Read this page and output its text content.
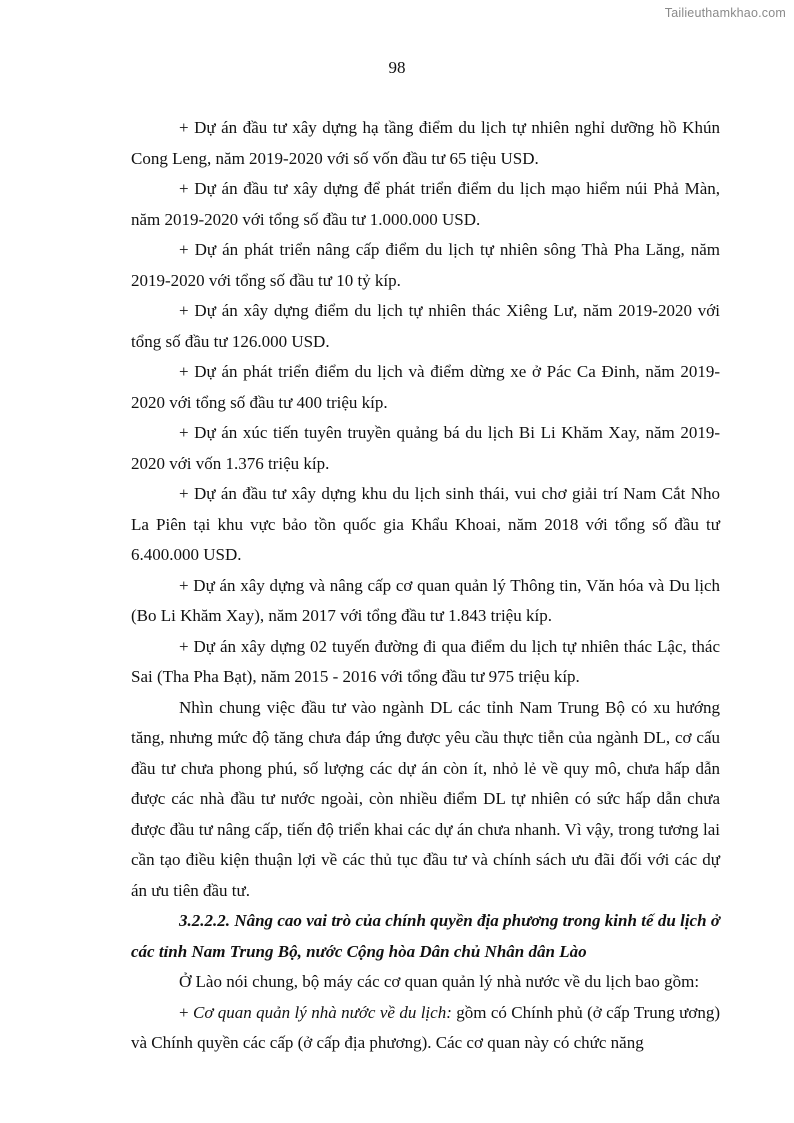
Tailieuthamkhao.com
98

+ Dự án đầu tư xây dựng hạ tầng điểm du lịch tự nhiên nghỉ dưỡng hồ Khún Cong Leng, năm 2019-2020 với số vốn đầu tư 65 tiệu USD.

+ Dự án đầu tư xây dựng để phát triển điểm du lịch mạo hiểm núi Phả Màn, năm 2019-2020 với tổng số đầu tư 1.000.000 USD.

+ Dự án phát triển nâng cấp điểm du lịch tự nhiên sông Thà Pha Lăng, năm 2019-2020 với tổng số đầu tư 10 tỷ kíp.

+ Dự án xây dựng điểm du lịch tự nhiên thác Xiêng Lư, năm 2019-2020 với tổng số đầu tư 126.000 USD.

+ Dự án phát triển điểm du lịch và điểm dừng xe ở Pác Ca Đinh, năm 2019-2020 với tổng số đầu tư 400 triệu kíp.

+ Dự án xúc tiến tuyên truyền quảng bá du lịch Bi Li Khăm Xay, năm 2019-2020 với vốn 1.376 triệu kíp.

+ Dự án đầu tư xây dựng khu du lịch sinh thái, vui chơ giải trí Nam Cắt Nho La Piên tại khu vực bảo tồn quốc gia Khẩu Khoai, năm 2018 với tổng số đầu tư 6.400.000 USD.

+ Dự án xây dựng và nâng cấp cơ quan quản lý Thông tin, Văn hóa và Du lịch (Bo Li Khăm Xay), năm 2017 với tổng đầu tư 1.843 triệu kíp.

+ Dự án xây dựng 02 tuyến đường đi qua điểm du lịch tự nhiên thác Lậc, thác Sai (Tha Pha Bạt), năm 2015 - 2016 với tổng đầu tư 975 triệu kíp.

Nhìn chung việc đầu tư vào ngành DL các tỉnh Nam Trung Bộ có xu hướng tăng, nhưng mức độ tăng chưa đáp ứng được yêu cầu thực tiễn của ngành DL, cơ cấu đầu tư chưa phong phú, số lượng các dự án còn ít, nhỏ lẻ về quy mô, chưa hấp dẫn được các nhà đầu tư nước ngoài, còn nhiều điểm DL tự nhiên có sức hấp dẫn chưa được đầu tư nâng cấp, tiến độ triển khai các dự án chưa nhanh. Vì vậy, trong tương lai cần tạo điều kiện thuận lợi về các thủ tục đầu tư và chính sách ưu đãi đối với các dự án ưu tiên đầu tư.

3.2.2.2. Nâng cao vai trò của chính quyền địa phương trong kinh tế du lịch ở các tỉnh Nam Trung Bộ, nước Cộng hòa Dân chủ Nhân dân Lào

Ở Lào nói chung, bộ máy các cơ quan quản lý nhà nước về du lịch bao gồm:

+ Cơ quan quản lý nhà nước về du lịch: gồm có Chính phủ (ở cấp Trung ương) và Chính quyền các cấp (ở cấp địa phương). Các cơ quan này có chức năng
